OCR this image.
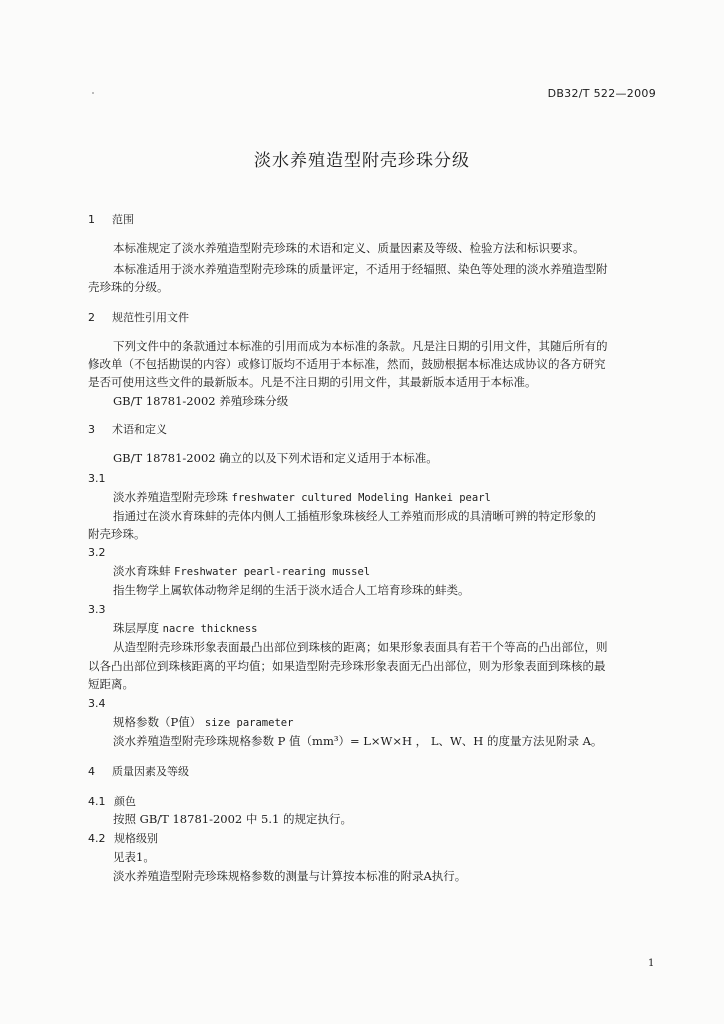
DB32/T 522—2009
淡水养殖造型附壳珍珠分级
1 范围
本标准规定了淡水养殖造型附壳珍珠的术语和定义、质量因素及等级、检验方法和标识要求。
本标准适用于淡水养殖造型附壳珍珠的质量评定，不适用于经辐照、染色等处理的淡水养殖造型附
壳珍珠的分级。
2 规范性引用文件
下列文件中的条款通过本标准的引用而成为本标准的条款。凡是注日期的引用文件，其随后所有的
修改单（不包括勘误的内容）或修订版均不适用于本标准，然而，鼓励根据本标准达成协议的各方研究
是否可使用这些文件的最新版本。凡是不注日期的引用文件，其最新版本适用于本标准。
GB/T 18781-2002 养殖珍珠分级
3 术语和定义
GB/T 18781-2002 确立的以及下列术语和定义适用于本标准。
3.1
淡水养殖造型附壳珍珠 freshwater cultured Modeling Hankei pearl
指通过在淡水育珠蚌的壳体内侧人工插植形象珠核经人工养殖而形成的具清晰可辨的特定形象的
附壳珍珠。
3.2
淡水育珠蚌 Freshwater pearl-rearing mussel
指生物学上属软体动物斧足纲的生活于淡水适合人工培育珍珠的蚌类。
3.3
珠层厚度 nacre thickness
从造型附壳珍珠形象表面最凸出部位到珠核的距离；如果形象表面具有若干个等高的凸出部位，则
以各凸出部位到珠核距离的平均值；如果造型附壳珍珠形象表面无凸出部位，则为形象表面到珠核的最
短距离。
3.4
规格参数（P值） size parameter
淡水养殖造型附壳珍珠规格参数 P 值（mm³）= L×W×H ， L、W、H 的度量方法见附录 A。
4 质量因素及等级
4.1 颜色
按照 GB/T 18781-2002 中 5.1 的规定执行。
4.2 规格级别
见表1。
淡水养殖造型附壳珍珠规格参数的测量与计算按本标准的附录A执行。
1
